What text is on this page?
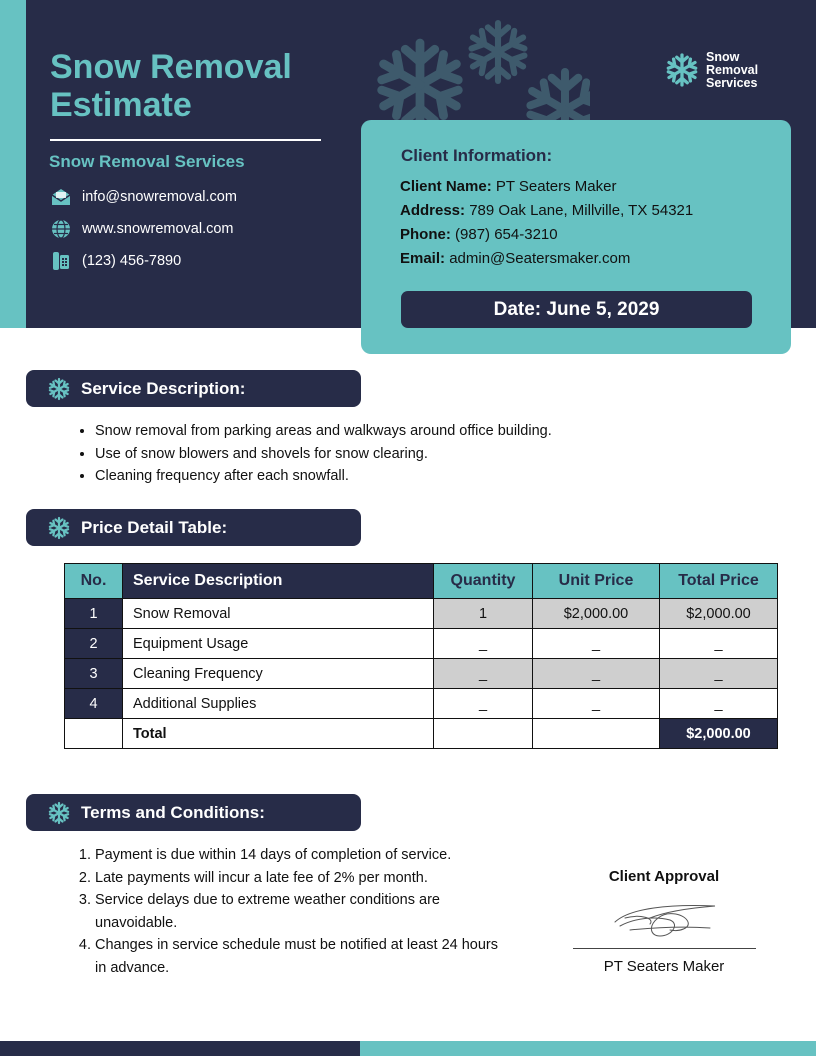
Snow Removal Estimate
Snow Removal Services
info@snowremoval.com
www.snowremoval.com
(123) 456-7890
Snow
Removal
Services
Client Information:
Client Name: PT Seaters Maker
Address: 789 Oak Lane, Millville, TX 54321
Phone: (987) 654-3210
Email: admin@Seatersmaker.com
Date: June 5, 2029
Service Description:
• Snow removal from parking areas and walkways around office building.
• Use of snow blowers and shovels for snow clearing.
• Cleaning frequency after each snowfall.
Price Detail Table:
No.	Service Description	Quantity	Unit Price	Total Price
1	Snow Removal	1	$2,000.00	$2,000.00
2	Equipment Usage	_	_	_
3	Cleaning Frequency	_	_	_
4	Additional Supplies	_	_	_
	Total			$2,000.00
Terms and Conditions:
1. Payment is due within 14 days of completion of service.
2. Late payments will incur a late fee of 2% per month.
3. Service delays due to extreme weather conditions are unavoidable.
4. Changes in service schedule must be notified at least 24 hours in advance.
Client Approval
PT Seaters Maker
